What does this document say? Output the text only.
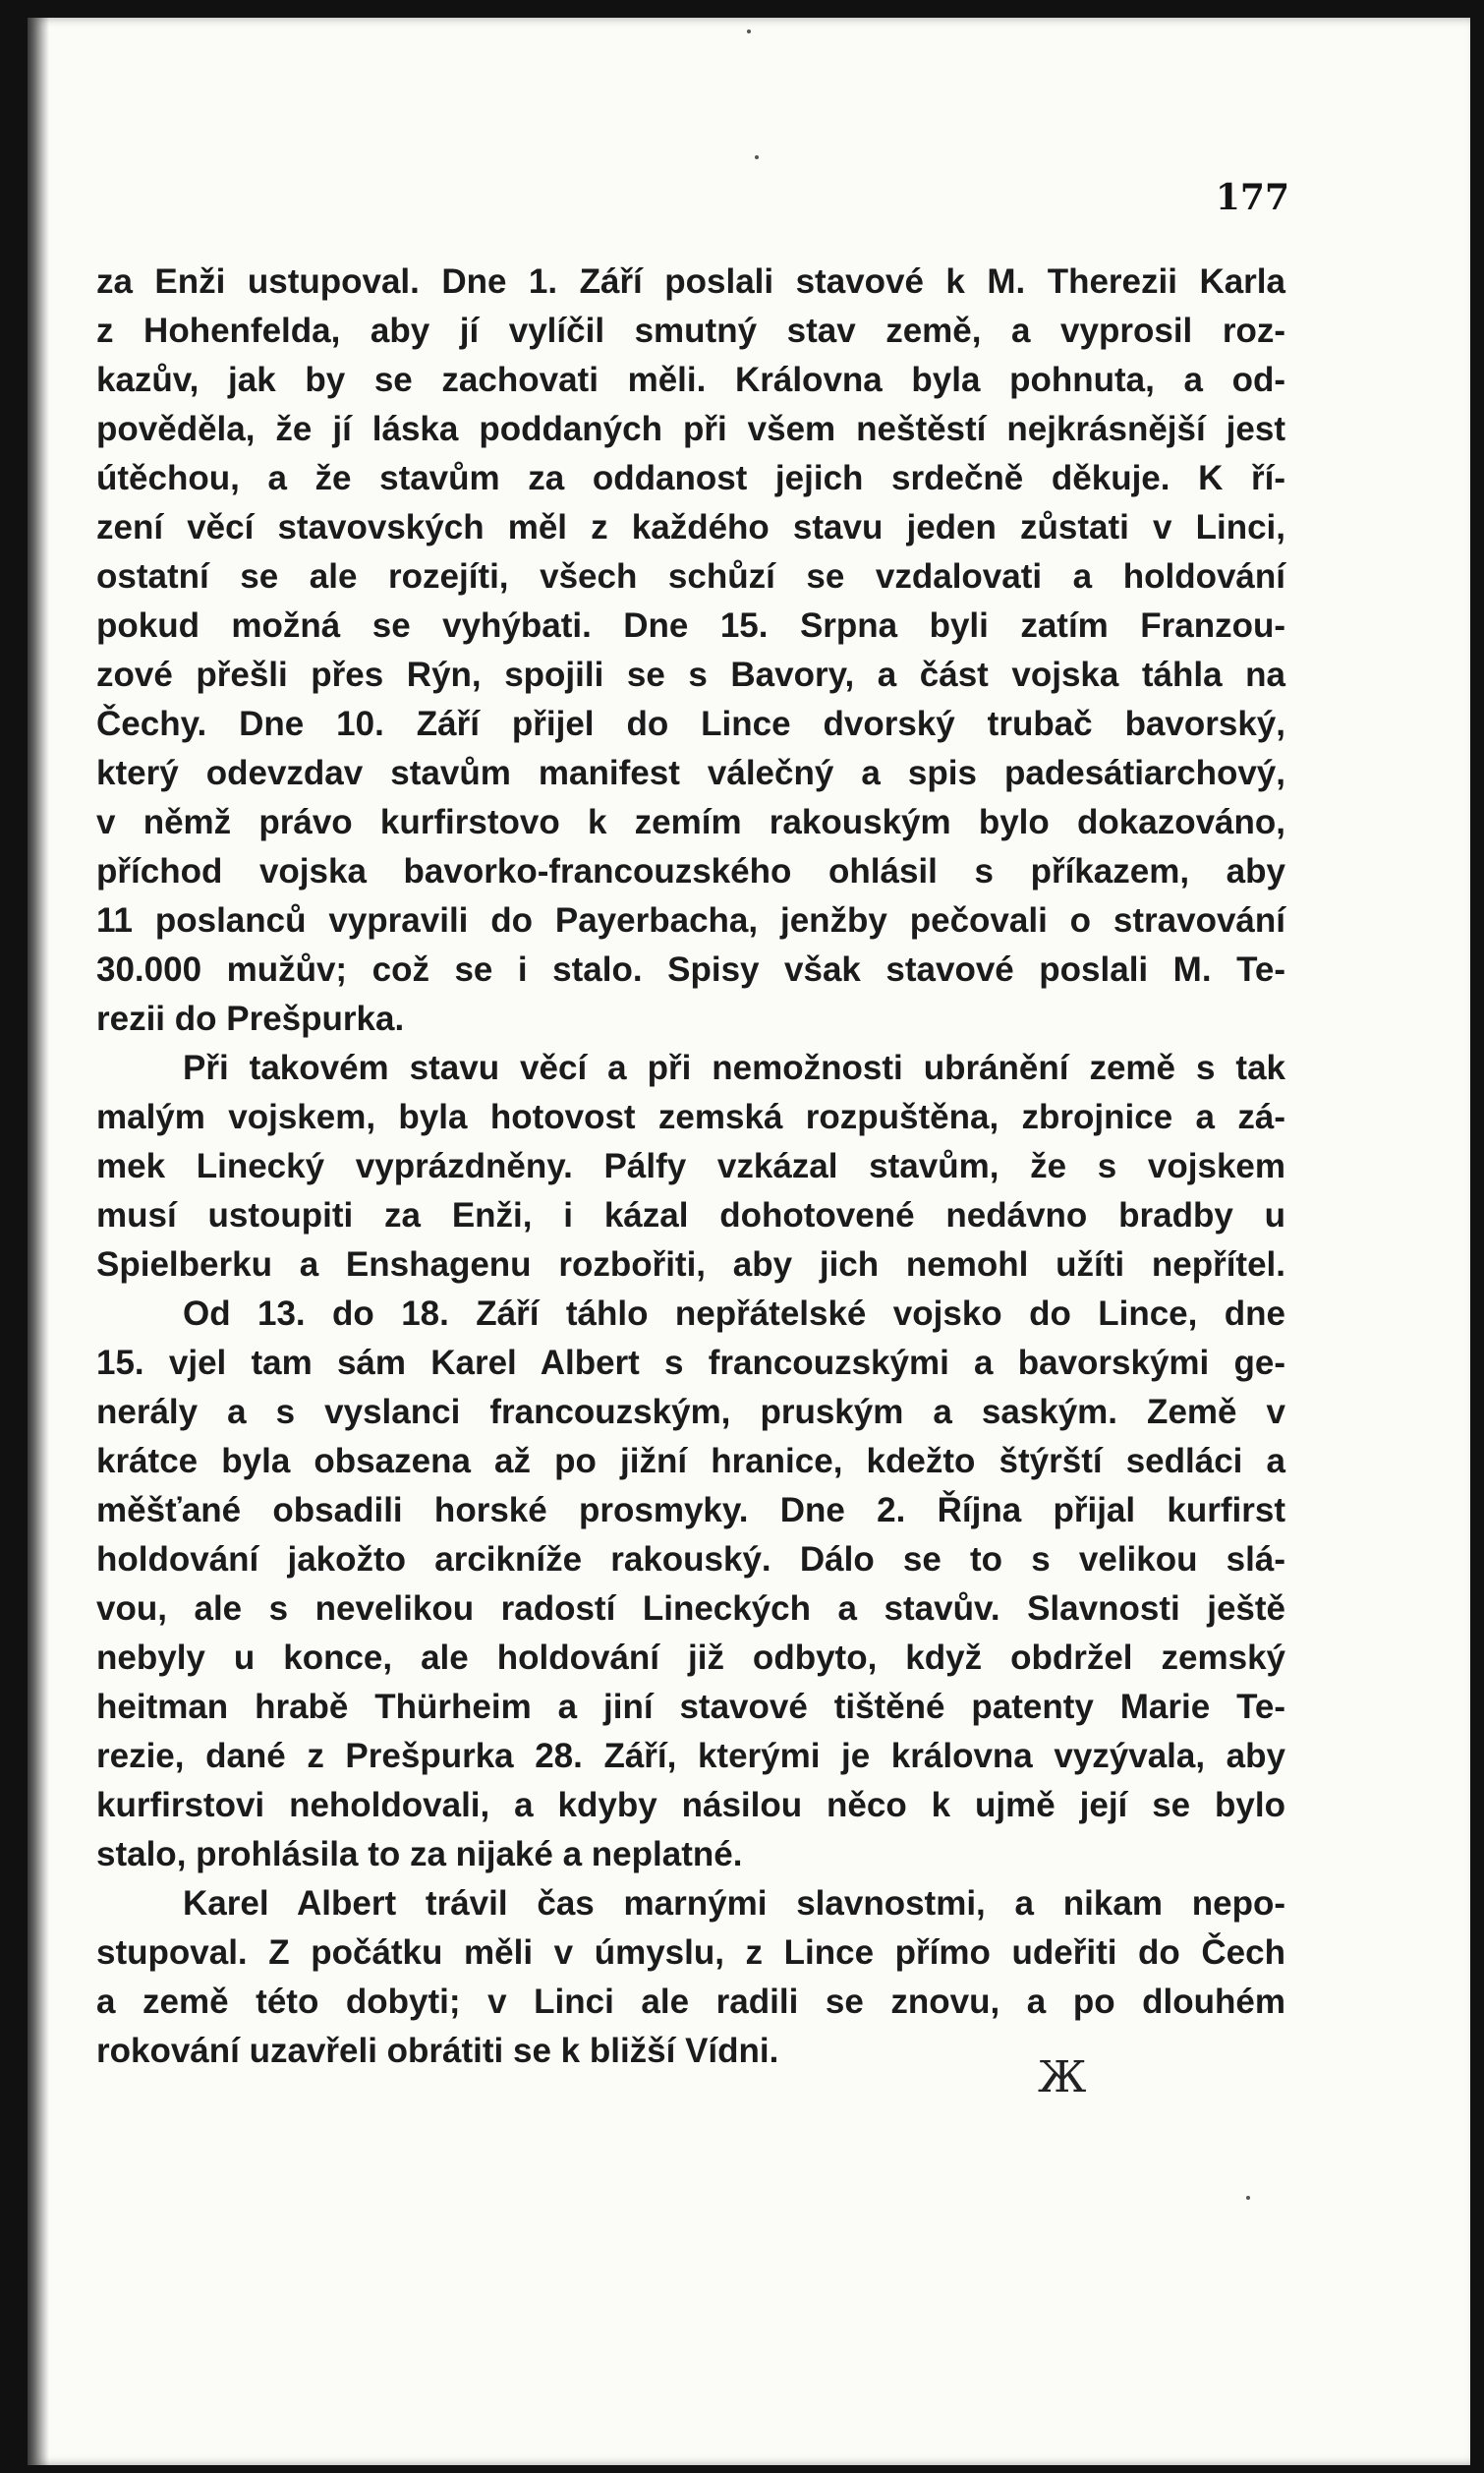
177
za Enži ustupoval. Dne 1. Září poslali stavové k M. Therezii Karla
z Hohenfelda, aby jí vylíčil smutný stav země, a vyprosil roz-
kazův, jak by se zachovati měli. Královna byla pohnuta, a od-
pověděla, že jí láska poddaných při všem neštěstí nejkrásnější jest
útěchou, a že stavům za oddanost jejich srdečně děkuje. K ří-
zení věcí stavovských měl z každého stavu jeden zůstati v Linci,
ostatní se ale rozejíti, všech schůzí se vzdalovati a holdování
pokud možná se vyhýbati. Dne 15. Srpna byli zatím Franzou-
zové přešli přes Rýn, spojili se s Bavory, a část vojska táhla na
Čechy. Dne 10. Září přijel do Lince dvorský trubač bavorský,
který odevzdav stavům manifest válečný a spis padesátiarchový,
v němž právo kurfirstovo k zemím rakouským bylo dokazováno,
příchod vojska bavorko-francouzského ohlásil s příkazem, aby
11 poslanců vypravili do Payerbacha, jenžby pečovali o stravování
30.000 mužův; což se i stalo. Spisy však stavové poslali M. Te-
rezii do Prešpurka.
Při takovém stavu věcí a při nemožnosti ubránění země s tak
malým vojskem, byla hotovost zemská rozpuštěna, zbrojnice a zá-
mek Linecký vyprázdněny. Pálfy vzkázal stavům, že s vojskem
musí ustoupiti za Enži, i kázal dohotovené nedávno bradby u
Spielberku a Enshagenu rozbořiti, aby jich nemohl užíti nepřítel.
Od 13. do 18. Září táhlo nepřátelské vojsko do Lince, dne
15. vjel tam sám Karel Albert s francouzskými a bavorskými ge-
nerály a s vyslanci francouzským, pruským a saským. Země v
krátce byla obsazena až po jižní hranice, kdežto štýrští sedláci a
měšťané obsadili horské prosmyky. Dne 2. Října přijal kurfirst
holdování jakožto arcikníže rakouský. Dálo se to s velikou slá-
vou, ale s nevelikou radostí Lineckých a stavův. Slavnosti ještě
nebyly u konce, ale holdování již odbyto, když obdržel zemský
heitman hrabě Thürheim a jiní stavové tištěné patenty Marie Te-
rezie, dané z Prešpurka 28. Září, kterými je královna vyzývala, aby
kurfirstovi neholdovali, a kdyby násilou něco k ujmě její se bylo
stalo, prohlásila to za nijaké a neplatné.
Karel Albert trávil čas marnými slavnostmi, a nikam nepo-
stupoval. Z počátku měli v úmyslu, z Lince přímo udeřiti do Čech
a země této dobyti; v Linci ale radili se znovu, a po dlouhém
rokování uzavřeli obrátiti se k bližší Vídni.
Ж
